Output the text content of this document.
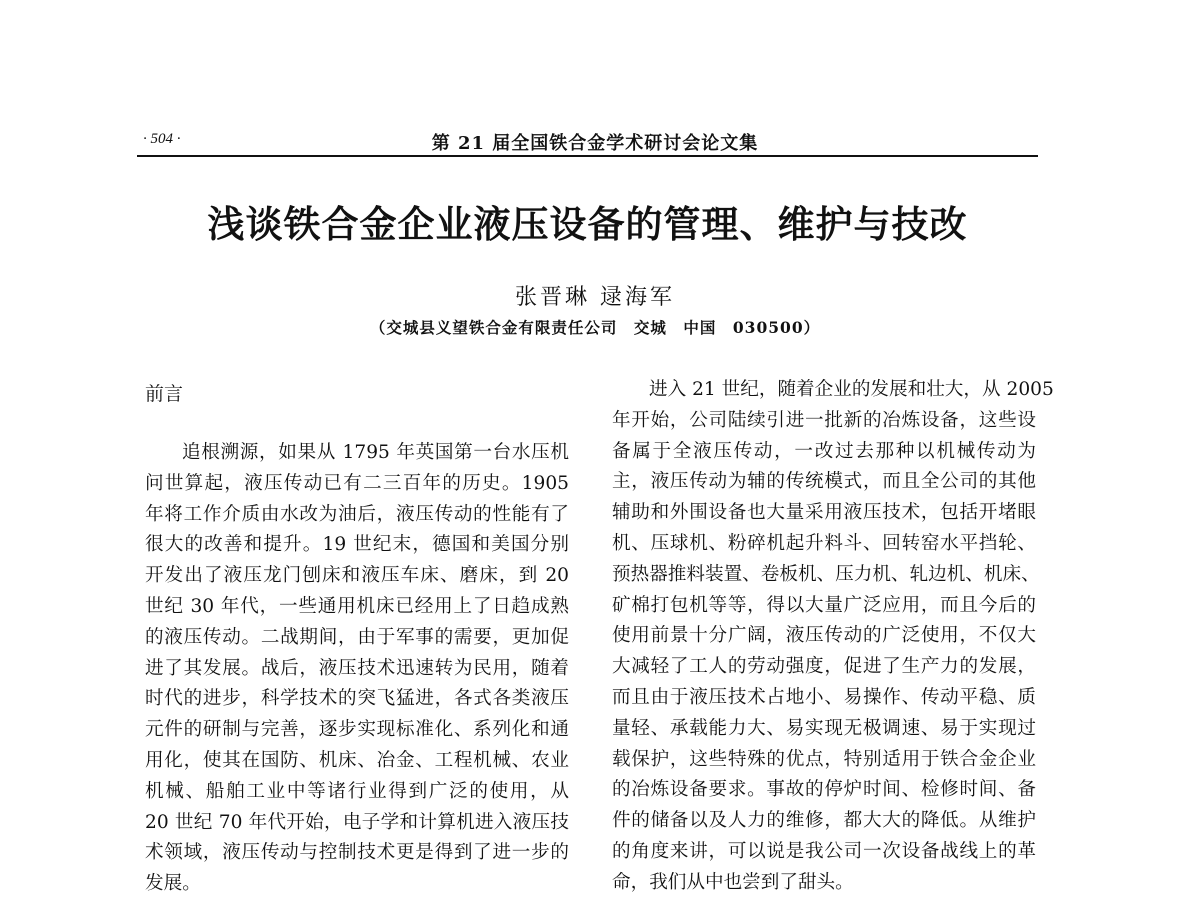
· 504 ·	第 21 届全国铁合金学术研讨会论文集
浅谈铁合金企业液压设备的管理、维护与技改
张晋琳 逯海军
（交城县义望铁合金有限责任公司　交城　中国　030500）
前言
追根溯源，如果从 1795 年英国第一台水压机
问世算起，液压传动已有二三百年的历史。1905
年将工作介质由水改为油后，液压传动的性能有了
很大的改善和提升。19 世纪末，德国和美国分别
开发出了液压龙门刨床和液压车床、磨床，到 20
世纪 30 年代，一些通用机床已经用上了日趋成熟
的液压传动。二战期间，由于军事的需要，更加促
进了其发展。战后，液压技术迅速转为民用，随着
时代的进步，科学技术的突飞猛进，各式各类液压
元件的研制与完善，逐步实现标准化、系列化和通
用化，使其在国防、机床、冶金、工程机械、农业
机械、船舶工业中等诸行业得到广泛的使用，从
20 世纪 70 年代开始，电子学和计算机进入液压技
术领域，液压传动与控制技术更是得到了进一步的
发展。
进入 21 世纪，随着企业的发展和壮大，从 2005
年开始，公司陆续引进一批新的冶炼设备，这些设
备属于全液压传动，一改过去那种以机械传动为
主，液压传动为辅的传统模式，而且全公司的其他
辅助和外围设备也大量采用液压技术，包括开堵眼
机、压球机、粉碎机起升料斗、回转窑水平挡轮、
预热器推料装置、卷板机、压力机、轧边机、机床、
矿棉打包机等等，得以大量广泛应用，而且今后的
使用前景十分广阔，液压传动的广泛使用，不仅大
大减轻了工人的劳动强度，促进了生产力的发展，
而且由于液压技术占地小、易操作、传动平稳、质
量轻、承载能力大、易实现无极调速、易于实现过
载保护，这些特殊的优点，特别适用于铁合金企业
的冶炼设备要求。事故的停炉时间、检修时间、备
件的储备以及人力的维修，都大大的降低。从维护
的角度来讲，可以说是我公司一次设备战线上的革
命，我们从中也尝到了甜头。
